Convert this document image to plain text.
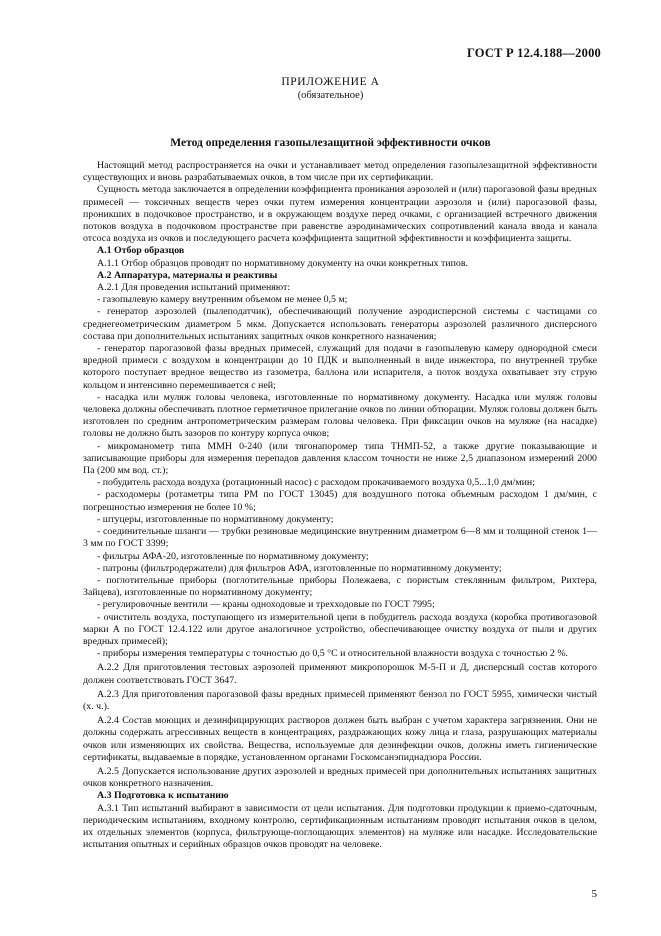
ГОСТ Р 12.4.188—2000
ПРИЛОЖЕНИЕ А
(обязательное)
Метод определения газопылезащитной эффективности очков

Настоящий метод распространяется на очки и устанавливает метод определения газопылезащитной эффективности существующих и вновь разрабатываемых очков, в том числе при их сертификации.

Сущность метода заключается в определении коэффициента проникания аэрозолей и (или) парогазовой фазы вредных примесей — токсичных веществ через очки путем измерения концентрации аэрозоля и (или) парогазовой фазы, проникших в подочковое пространство, и в окружающем воздухе перед очками, с организацией встречного движения потоков воздуха в подочковом пространстве при равенстве аэродинамических сопротивлений канала ввода и канала отсоса воздуха из очков и последующего расчета коэффициента защитной эффективности и коэффициента защиты.

А.1 Отбор образцов

А.1.1 Отбор образцов проводят по нормативному документу на очки конкретных типов.

А.2 Аппаратура, материалы и реактивы

А.2.1 Для проведения испытаний применяют:

- газопылевую камеру внутренним объемом не менее 0,5 м;

- генератор аэрозолей (пылеподатчик), обеспечивающий получение аэродисперсной системы с частицами со среднегеометрическим диаметром 5 мкм. Допускается использовать генераторы аэрозолей различного дисперсного состава при дополнительных испытаниях защитных очков конкретного назначения;

- генератор парогазовой фазы вредных примесей, служащий для подачи в газопылевую камеру однородной смеси вредной примеси с воздухом в концентрации до 10 ПДК и выполненный в виде инжектора, по внутренней трубке которого поступает вредное вещество из газометра, баллона или испарителя, а поток воздуха охватывает эту струю кольцом и интенсивно перемешивается с ней;

- насадка или муляж головы человека, изготовленные по нормативному документу. Насадка или муляж головы человека должны обеспечивать плотное герметичное прилегание очков по линии обтюрации. Муляж головы должен быть изготовлен по средним антропометрическим размерам головы человека. При фиксации очков на муляже (на насадке) головы не должно быть зазоров по контуру корпуса очков;

- микроманометр типа ММН 0-240 (или тягонапоромер типа ТНМП-52, а также другие показывающие и записывающие приборы для измерения перепадов давления классом точности не ниже 2,5 диапазоном измерений 2000 Па (200 мм вод. ст.);

- побудитель расхода воздуха (ротационный насос) с расходом прокачиваемого воздуха 0,5...1,0 дм/мин;

- расходомеры (ротаметры типа РМ по ГОСТ 13045) для воздушного потока объемным расходом 1 дм/мин, с погрешностью измерения не более 10 %;

- штуцеры, изготовленные по нормативному документу;

- соединительные шланги — трубки резиновые медицинские внутренним диаметром 6—8 мм и толщиной стенок 1—3 мм по ГОСТ 3399;

- фильтры АФА-20, изготовленные по нормативному документу;

- патроны (фильтродержатели) для фильтров АФА, изготовленные по нормативному документу;

- поглотительные приборы (поглотительные приборы Полежаева, с пористым стеклянным фильтром, Рихтера, Зайцева), изготовленные по нормативному документу;

- регулировочные вентили — краны одноходовые и трехходовые по ГОСТ 7995;

- очиститель воздуха, поступающего из измерительной цепи в побудитель расхода воздуха (коробка противогазовой марки А по ГОСТ 12.4.122 или другое аналогичное устройство, обеспечивающее очистку воздуха от пыли и других вредных примесей);

- приборы измерения температуры с точностью до 0,5 °С и относительной влажности воздуха с точностью 2 %.

А.2.2 Для приготовления тестовых аэрозолей применяют микропорошок М-5-П и Д, дисперсный состав которого должен соответствовать ГОСТ 3647.

А.2.3 Для приготовления парогазовой фазы вредных примесей применяют бензол по ГОСТ 5955, химически чистый (х. ч.).

А.2.4 Состав моющих и дезинфицирующих растворов должен быть выбран с учетом характера загрязнения. Они не должны содержать агрессивных веществ в концентрациях, раздражающих кожу лица и глаза, разрушающих материалы очков или изменяющих их свойства. Вещества, используемые для дезинфекции очков, должны иметь гигиенические сертификаты, выдаваемые в порядке, установленном органами Госкомсанэпиднадзора России.

А.2.5 Допускается использование других аэрозолей и вредных примесей при дополнительных испытаниях защитных очков конкретного назначения.

А.3 Подготовка к испытанию

А.3.1 Тип испытаний выбирают в зависимости от цели испытания. Для подготовки продукции к приемо-сдаточным, периодическим испытаниям, входному контролю, сертификационным испытаниям проводят испытания очков в целом, их отдельных элементов (корпуса, фильтрующе-поглощающих элементов) на муляже или насадке. Исследовательские испытания опытных и серийных образцов очков проводят на человеке.

5
